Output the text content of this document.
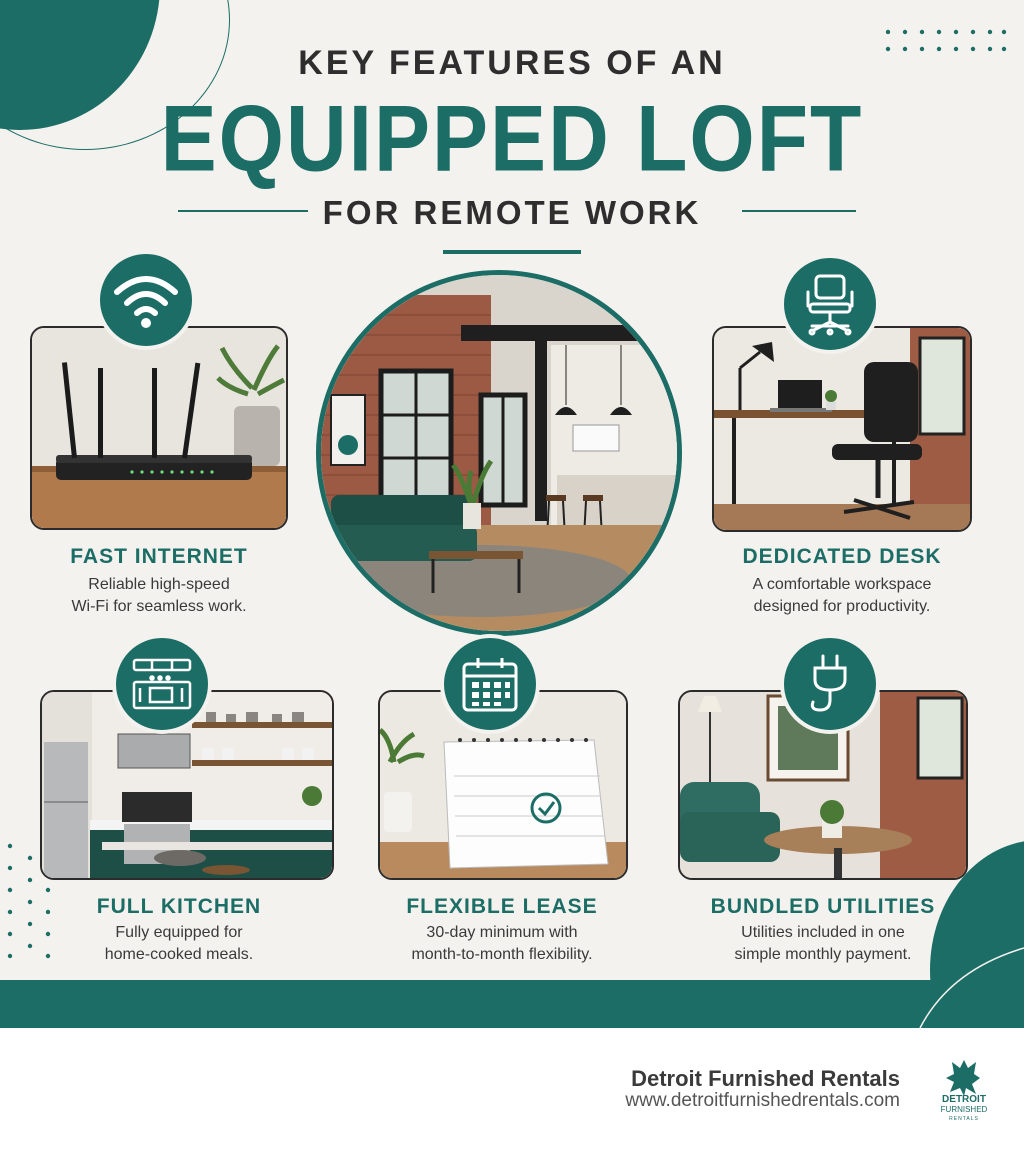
KEY FEATURES OF AN
EQUIPPED LOFT
FOR REMOTE WORK
FAST INTERNET
Reliable high-speed
Wi-Fi for seamless work.
DEDICATED DESK
A comfortable workspace
designed for productivity.
FULL KITCHEN
Fully equipped for
home-cooked meals.
FLEXIBLE LEASE
30-day minimum with
month-to-month flexibility.
BUNDLED UTILITIES
Utilities included in one
simple monthly payment.
Detroit Furnished Rentals
www.detroitfurnishedrentals.com	DETROIT
FURNISHED
RENTALS
